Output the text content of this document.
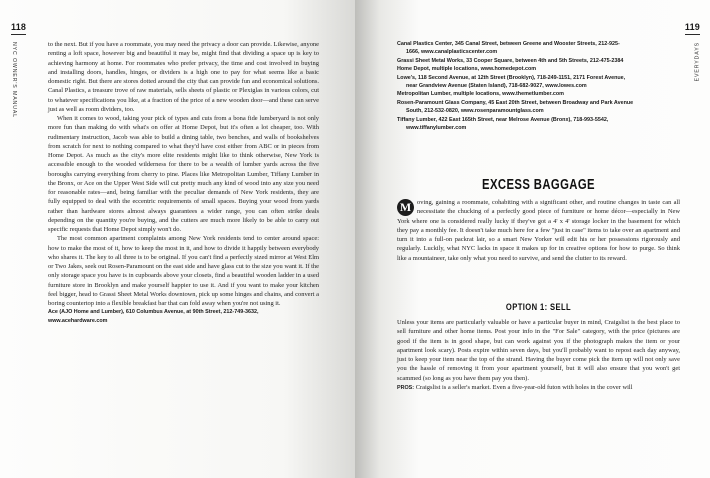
118
NYC OWNER'S MANUAL	to the next. But if you have a roommate, you may need the privacy a door can provide. Likewise, anyone renting a loft space, however big and beautiful it may be, might find that dividing a space up is key to achieving harmony at home. For roommates who prefer privacy, the time and cost involved in buying and installing doors, handles, hinges, or dividers is a high one to pay for what seems like a basic domestic right. But there are stores dotted around the city that can provide fun and economical solutions. Canal Plastics, a treasure trove of raw materials, sells sheets of plastic or Plexiglas in various colors, cut to whatever specifications you like, at a fraction of the price of a new wooden door—and these can serve just as well as room dividers, too.

When it comes to wood, taking your pick of types and cuts from a bona fide lumberyard is not only more fun than making do with what's on offer at Home Depot, but it's often a lot cheaper, too. With rudimentary instruction, Jacob was able to build a dining table, two benches, and walls of bookshelves from scratch for next to nothing compared to what they'd have cost either from ABC or in pieces from Home Depot. As much as the city's more elite residents might like to think otherwise, New York is accessible enough to the wooded wilderness for there to be a wealth of lumber yards across the five boroughs carrying everything from cherry to pine. Places like Metropolitan Lumber, Tiffany Lumber in the Bronx, or Ace on the Upper West Side will cut pretty much any kind of wood into any size you need for reasonable rates—and, being familiar with the peculiar demands of New York residents, they are fully equipped to deal with the eccentric requirements of small spaces. Buying your wood from yards rather than hardware stores almost always guarantees a wider range, you can often strike deals depending on the quantity you're buying, and the cutters are much more likely to be able to carry out specific requests that Home Depot simply won't do.

The most common apartment complaints among New York residents tend to center around space: how to make the most of it, how to keep the most in it, and how to divide it happily between everybody who shares it. The key to all three is to be original. If you can't find a perfectly sized mirror at West Elm or Two Jakes, seek out Rosen-Paramount on the east side and have glass cut to the size you want it. If the only storage space you have is in cupboards above your closets, find a beautiful wooden ladder in a used furniture store in Brooklyn and make yourself happier to use it. And if you want to make your kitchen feel bigger, head to Grassi Sheet Metal Works downtown, pick up some hinges and chains, and convert a boring countertop into a flexible breakfast bar that can fold away when you're not using it.

Ace (AJO Home and Lumber), 610 Columbus Avenue, at 90th Street, 212-749-3632, www.acehardware.com
119
EVERYDAYS
Canal Plastics Center, 345 Canal Street, between Greene and Wooster Streets, 212-925-
1666, www.canalplasticscenter.com
Grassi Sheet Metal Works, 33 Cooper Square, between 4th and 5th Streets, 212-475-2384
Home Depot, multiple locations, www.homedepot.com
Lowe's, 118 Second Avenue, at 12th Street (Brooklyn), 718-249-1151, 2171 Forest Avenue,
near Grandview Avenue (Staten Island), 718-682-9027, www.lowes.com
Metropolitan Lumber, multiple locations, www.themetlumber.com
Rosen-Paramount Glass Company, 45 East 20th Street, between Broadway and Park Avenue
South, 212-532-0820, www.rosenparamountglass.com
Tiffany Lumber, 422 East 165th Street, near Melrose Avenue (Bronx), 718-993-5542,
www.tiffanylumber.com
EXCESS BAGGAGE

M oving, gaining a roommate, cohabiting with a significant other, and routine changes in taste can all necessitate the chucking of a perfectly good piece of furniture or home décor—especially in New York where one is considered really lucky if they've got a 4' x 4' storage locker in the basement for which they pay a monthly fee. It doesn't take much here for a few "just in case" items to take over an apartment and turn it into a full-on packrat lair, so a smart New Yorker will edit his or her possessions rigorously and regularly. Luckily, what NYC lacks in space it makes up for in creative options for how to purge. So think like a mountaineer, take only what you need to survive, and send the clutter to its reward.

OPTION 1: SELL

Unless your items are particularly valuable or have a particular buyer in mind, Craigslist is the best place to sell furniture and other home items. Post your info in the "For Sale" category, with the price (pictures are good if the item is in good shape, but can work against you if the photograph makes the item or your apartment look scary). Posts expire within seven days, but you'll probably want to repost each day anyway, just to keep your item near the top of the strand. Having the buyer come pick the item up will not only save you the hassle of removing it from your apartment yourself, but it will also ensure that you won't get scammed (so long as you have them pay you then).

PROS: Craigslist is a seller's market. Even a five-year-old futon with holes in the cover will
